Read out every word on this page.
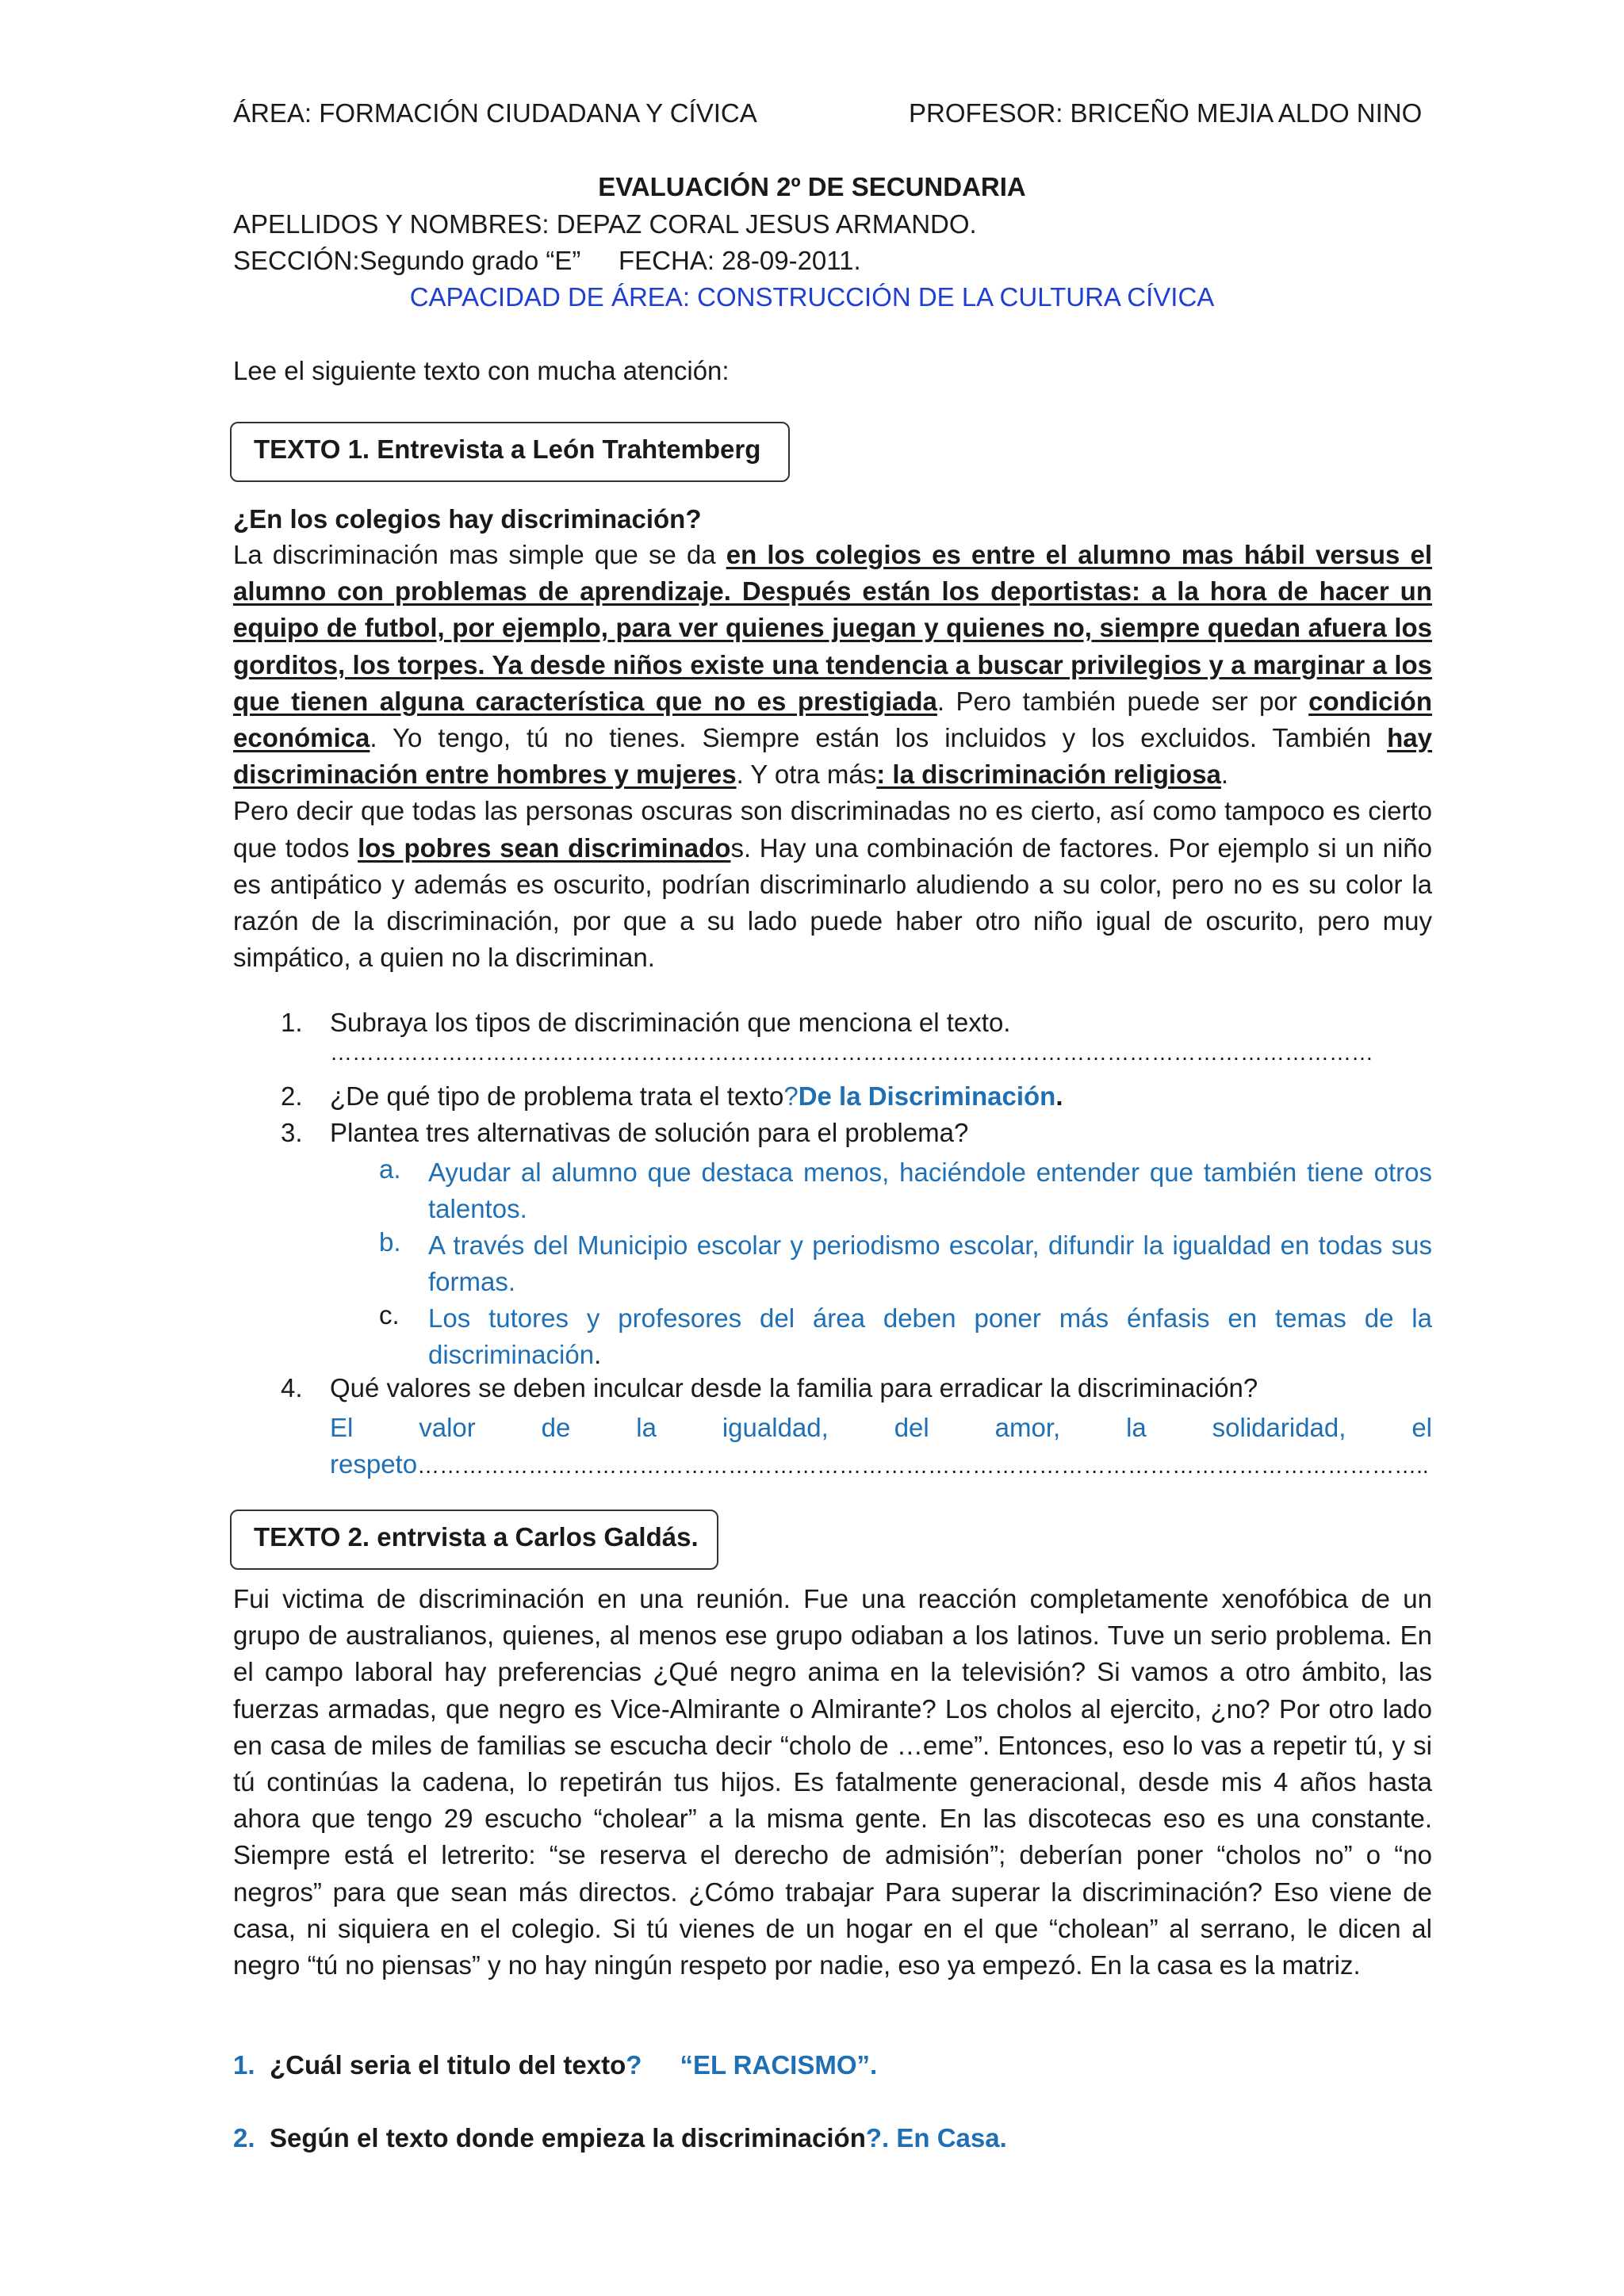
ÁREA: FORMACIÓN CIUDADANA Y CÍVICA	PROFESOR: BRICEÑO MEJIA ALDO NINO
EVALUACIÓN 2º DE SECUNDARIA
APELLIDOS Y NOMBRES: DEPAZ CORAL JESUS ARMANDO.
SECCIÓN:Segundo grado “E” FECHA: 28-09-2011.
CAPACIDAD DE ÁREA: CONSTRUCCIÓN DE LA CULTURA CÍVICA
Lee el siguiente texto con mucha atención:
TEXTO 1. Entrevista a León Trahtemberg
¿En los colegios hay discriminación?

La discriminación mas simple que se da en los colegios es entre el alumno mas hábil versus el alumno con problemas de aprendizaje. Después están los deportistas: a la hora de hacer un equipo de futbol, por ejemplo, para ver quienes juegan y quienes no, siempre quedan afuera los gorditos, los torpes. Ya desde niños existe una tendencia a buscar privilegios y a marginar a los que tienen alguna característica que no es prestigiada. Pero también puede ser por condición económica. Yo tengo, tú no tienes. Siempre están los incluidos y los excluidos. También hay discriminación entre hombres y mujeres. Y otra más: la discriminación religiosa.

Pero decir que todas las personas oscuras son discriminadas no es cierto, así como tampoco es cierto que todos los pobres sean discriminados. Hay una combinación de factores. Por ejemplo si un niño es antipático y además es oscurito, podrían discriminarlo aludiendo a su color, pero no es su color la razón de la discriminación, por que a su lado puede haber otro niño igual de oscurito, pero muy simpático, a quien no la discriminan.

1. Subraya los tipos de discriminación que menciona el texto.
……………………………………………………………………………………………………………………………
2. ¿De qué tipo de problema trata el texto?De la Discriminación.
3. Plantea tres alternativas de solución para el problema?
a. Ayudar al alumno que destaca menos, haciéndole entender que también tiene otros talentos.
b. A través del Municipio escolar y periodismo escolar, difundir la igualdad en todas sus formas.
c. Los tutores y profesores del área deben poner más énfasis en temas de la discriminación.
4. Qué valores se deben inculcar desde la familia para erradicar la discriminación?
El valor de la igualdad, del amor, la solidaridad, el respeto………………………………………………………………………………………………………………………..
TEXTO 2. entrvista a Carlos Galdás.

Fui victima de discriminación en una reunión. Fue una reacción completamente xenofóbica de un grupo de australianos, quienes, al menos ese grupo odiaban a los latinos. Tuve un serio problema. En el campo laboral hay preferencias ¿Qué negro anima en la televisión? Si vamos a otro ámbito, las fuerzas armadas, que negro es Vice-Almirante o Almirante? Los cholos al ejercito, ¿no? Por otro lado en casa de miles de familias se escucha decir “cholo de …eme”. Entonces, eso lo vas a repetir tú, y si tú continúas la cadena, lo repetirán tus hijos. Es fatalmente generacional, desde mis 4 años hasta ahora que tengo 29 escucho “cholear” a la misma gente. En las discotecas eso es una constante. Siempre está el letrerito: “se reserva el derecho de admisión”; deberían poner “cholos no” o “no negros” para que sean más directos. ¿Cómo trabajar Para superar la discriminación? Eso viene de casa, ni siquiera en el colegio. Si tú vienes de un hogar en el que “cholean” al serrano, le dicen al negro “tú no piensas” y no hay ningún respeto por nadie, eso ya empezó. En la casa es la matriz.

1. ¿Cuál seria el titulo del texto? “EL RACISMO”.
2. Según el texto donde empieza la discriminación?. En Casa.
